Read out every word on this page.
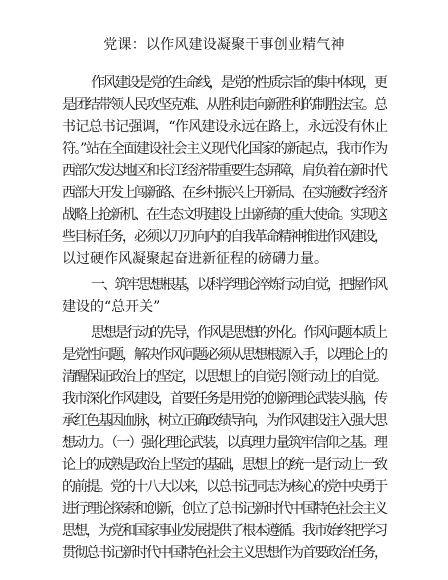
党课：以作风建设凝聚干事创业精气神
作风建设是党的生命线，是党的性质宗旨的集中体现，更
是团结带领人民攻坚克难、从胜利走向新胜利的制胜法宝。总
书记总书记强调，“作风建设永远在路上，永远没有休止
符。”站在全面建设社会主义现代化国家的新起点，我市作为
西部欠发达地区和长江经济带重要生态屏障，肩负着在新时代
西部大开发上闯新路、在乡村振兴上开新局、在实施数字经济
战略上抢新机、在生态文明建设上出新绩的重大使命。实现这
些目标任务，必须以刀刃向内的自我革命精神推进作风建设，
以过硬作风凝聚起奋进新征程的磅礴力量。
一、筑牢思想根基，以科学理论淬炼行动自觉，把握作风
建设的“总开关”
思想是行动的先导，作风是思想的外化。作风问题本质上
是党性问题，解决作风问题必须从思想根源入手，以理论上的
清醒保证政治上的坚定，以思想上的自觉引领行动上的自觉。
我市深化作风建设，首要任务是用党的创新理论武装头脑，传
承红色基因血脉，树立正确政绩导向，为作风建设注入强大思
想动力。（一）强化理论武装，以真理力量筑牢信仰之基。理
论上的成熟是政治上坚定的基础，思想上的统一是行动上一致
的前提。党的十八大以来，以总书记同志为核心的党中央勇于
进行理论探索和创新，创立了总书记新时代中国特色社会主义
思想，为党和国家事业发展提供了根本遵循。我市始终把学习
贯彻总书记新时代中国特色社会主义思想作为首要政治任务，
